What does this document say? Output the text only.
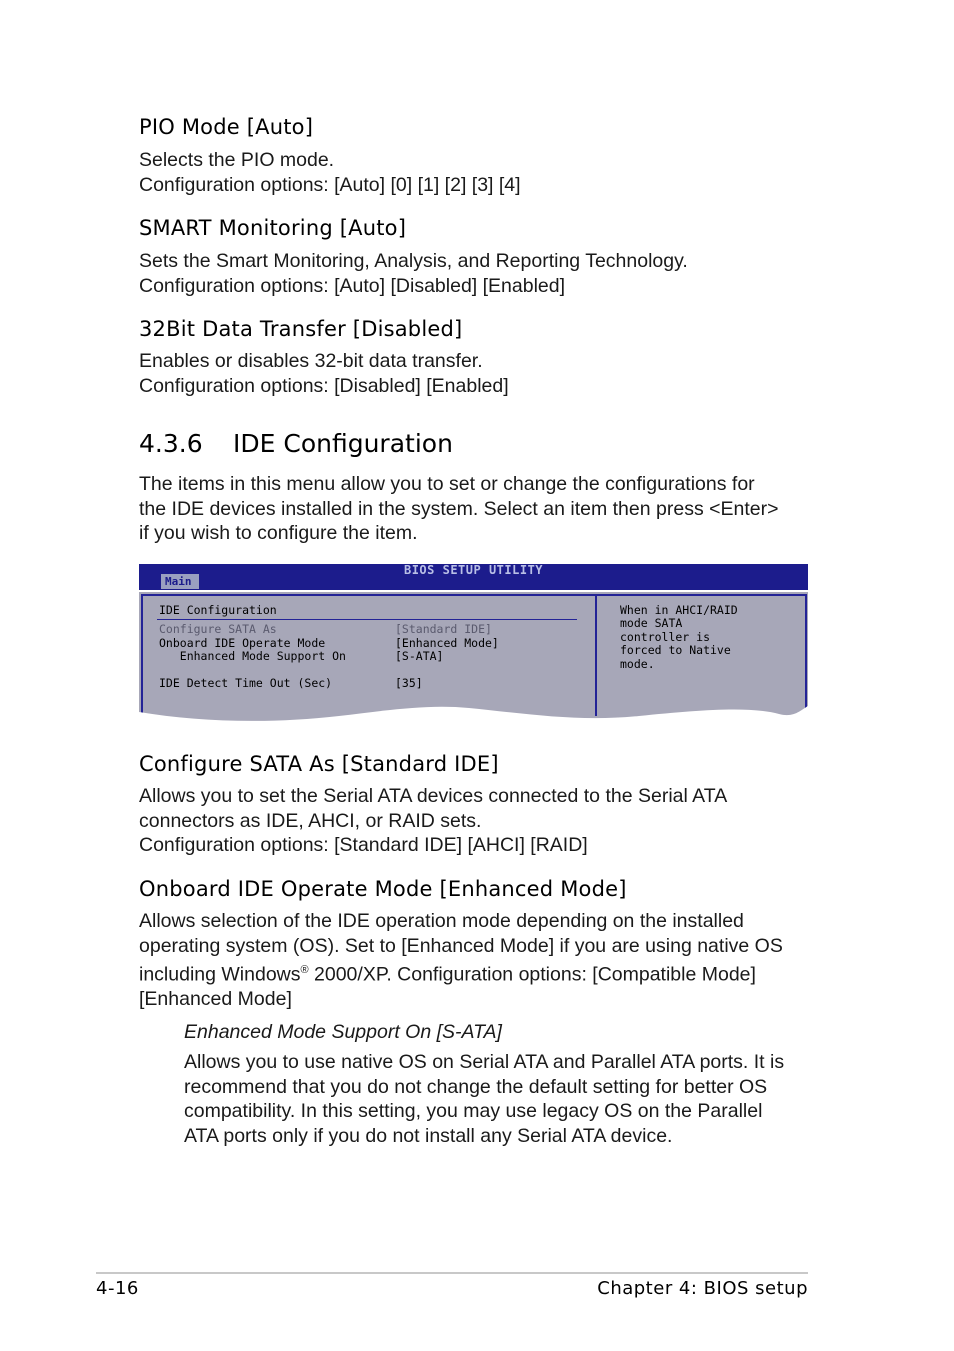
PIO Mode [Auto]
Selects the PIO mode.
Configuration options: [Auto] [0] [1] [2] [3] [4]
SMART Monitoring [Auto]
Sets the Smart Monitoring, Analysis, and Reporting Technology.
Configuration options: [Auto] [Disabled] [Enabled]
32Bit Data Transfer [Disabled]
Enables or disables 32-bit data transfer.
Configuration options: [Disabled] [Enabled]
4.3.6 IDE Configuration
The items in this menu allow you to set or change the configurations for
the IDE devices installed in the system. Select an item then press <Enter>
if you wish to configure the item.
BIOS SETUP UTILITY
Main
IDE Configuration
Configure SATA As	[Standard IDE]
Onboard IDE Operate Mode	[Enhanced Mode]
Enhanced Mode Support On	[S-ATA]
IDE Detect Time Out (Sec)	[35]
When in AHCI/RAID
mode SATA
controller is
forced to Native
mode.
Configure SATA As [Standard IDE]
Allows you to set the Serial ATA devices connected to the Serial ATA
connectors as IDE, AHCI, or RAID sets.
Configuration options: [Standard IDE] [AHCI] [RAID]
Onboard IDE Operate Mode [Enhanced Mode]
Allows selection of the IDE operation mode depending on the installed
operating system (OS). Set to [Enhanced Mode] if you are using native OS
including Windows® 2000/XP. Configuration options: [Compatible Mode]
[Enhanced Mode]
Enhanced Mode Support On [S-ATA]
Allows you to use native OS on Serial ATA and Parallel ATA ports. It is
recommend that you do not change the default setting for better OS
compatibility. In this setting, you may use legacy OS on the Parallel
ATA ports only if you do not install any Serial ATA device.
4-16	Chapter 4: BIOS setup
